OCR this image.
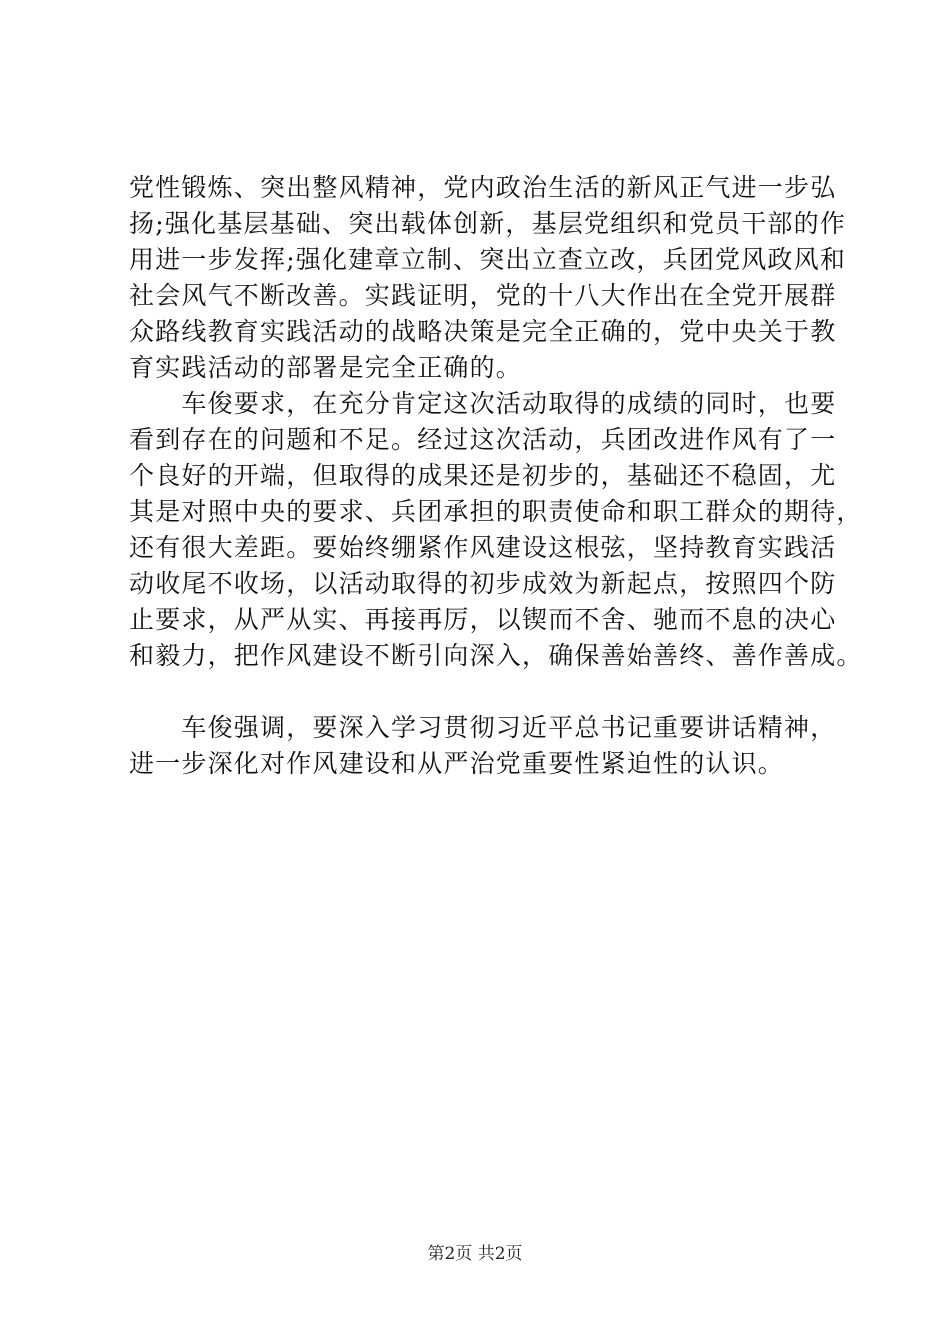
党性锻炼、突出整风精神，党内政治生活的新风正气进一步弘
扬;强化基层基础、突出载体创新，基层党组织和党员干部的作
用进一步发挥;强化建章立制、突出立查立改，兵团党风政风和
社会风气不断改善。实践证明，党的十八大作出在全党开展群
众路线教育实践活动的战略决策是完全正确的，党中央关于教
育实践活动的部署是完全正确的。
　　车俊要求，在充分肯定这次活动取得的成绩的同时，也要
看到存在的问题和不足。经过这次活动，兵团改进作风有了一
个良好的开端，但取得的成果还是初步的，基础还不稳固，尤
其是对照中央的要求、兵团承担的职责使命和职工群众的期待，
还有很大差距。要始终绷紧作风建设这根弦，坚持教育实践活
动收尾不收场，以活动取得的初步成效为新起点，按照四个防
止要求，从严从实、再接再厉，以锲而不舍、驰而不息的决心
和毅力，把作风建设不断引向深入，确保善始善终、善作善成。
　　车俊强调，要深入学习贯彻习近平总书记重要讲话精神，
进一步深化对作风建设和从严治党重要性紧迫性的认识。
第2页 共2页
